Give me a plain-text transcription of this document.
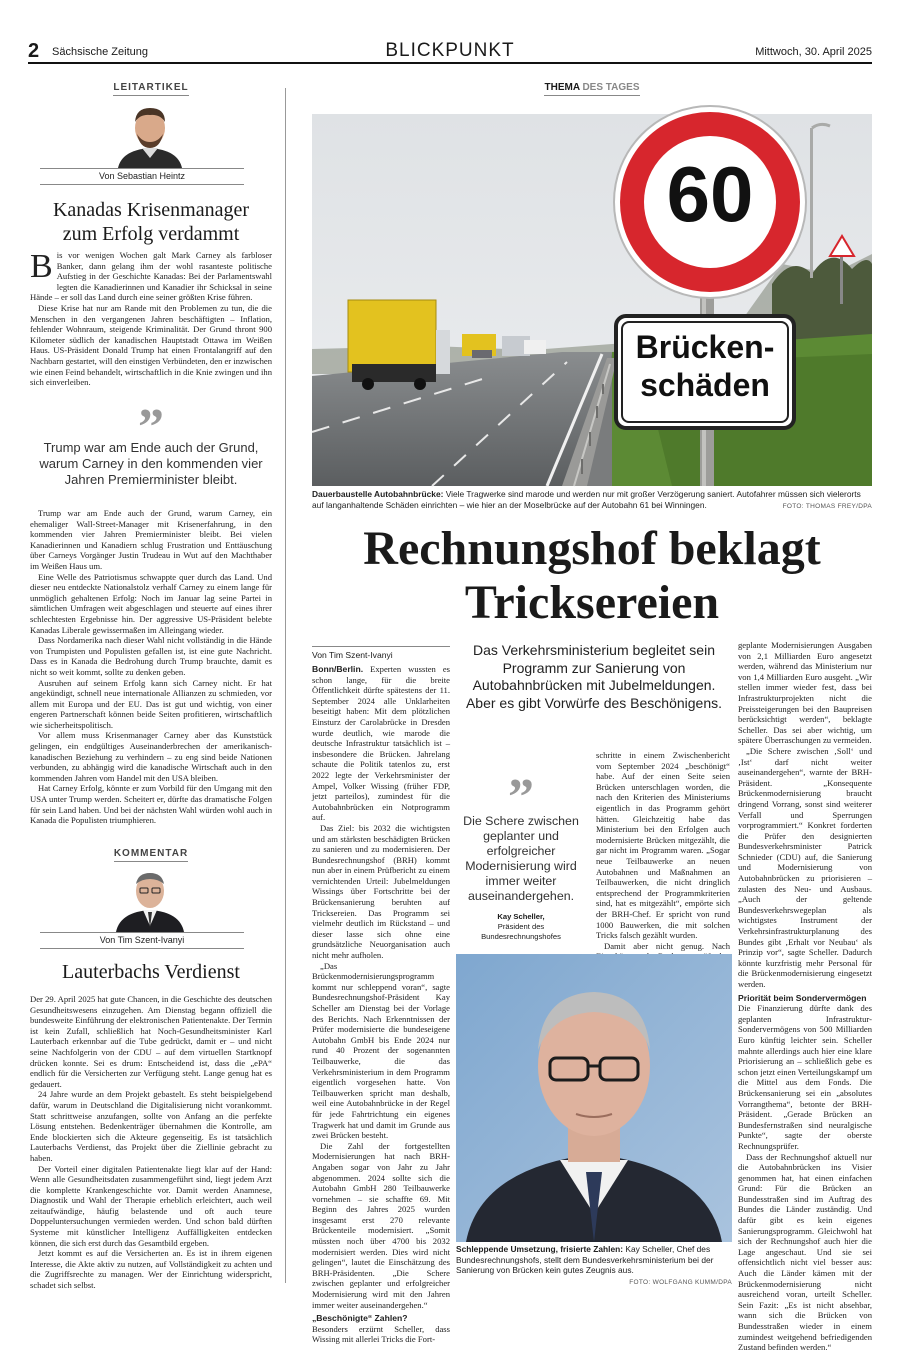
2 Sächsische Zeitung	BLICKPUNKT	Mittwoch, 30. April 2025
LEITARTIKEL
Von Sebastian Heintz
Kanadas Krisenmanager
zum Erfolg verdammt

Bis vor wenigen Wochen galt Mark Carney als farbloser Banker, dann gelang ihm der wohl rasanteste politische Aufstieg in der Geschichte Kanadas: Bei der Parlamentswahl legten die Kanadierinnen und Kanadier ihr Schicksal in seine Hände – er soll das Land durch eine seiner größten Krise führen.

Diese Krise hat nur am Rande mit den Problemen zu tun, die die Menschen in den vergangenen Jahren beschäftigten – Inflation, fehlender Wohnraum, steigende Kriminalität. Der Grund thront 900 Kilometer südlich der kanadischen Hauptstadt Ottawa im Weißen Haus. US-Präsident Donald Trump hat einen Frontalangriff auf den Nachbarn gestartet, will den einstigen Verbündeten, den er inzwischen wie einen Feind behandelt, wirtschaftlich in die Knie zwingen und ihn sich einverleiben.

”
Trump war am Ende auch der Grund, warum Carney in den kommenden vier Jahren Premierminister bleibt.

Trump war am Ende auch der Grund, warum Carney, ein ehemaliger Wall-Street-Manager mit Krisenerfahrung, in den kommenden vier Jahren Premierminister bleibt. Bei vielen Kanadierinnen und Kanadiern schlug Frustration und Enttäuschung über Carneys Vorgänger Justin Trudeau in Wut auf den Machthaber im Weißen Haus um.

Eine Welle des Patriotismus schwappte quer durch das Land. Und dieser neu entdeckte Nationalstolz verhalf Carney zu einem lange für unmöglich gehaltenen Erfolg: Noch im Januar lag seine Partei in sämtlichen Umfragen weit abgeschlagen und steuerte auf eines ihrer schlechtesten Ergebnisse hin. Der aggressive US-Präsident belebte Kanadas Liberale gewissermaßen im Alleingang wieder.

Dass Nordamerika nach dieser Wahl nicht vollständig in die Hände von Trumpisten und Populisten gefallen ist, ist eine gute Nachricht. Dass es in Kanada die Bedrohung durch Trump brauchte, damit es nicht so weit kommt, sollte zu denken geben.

Ausruhen auf seinem Erfolg kann sich Carney nicht. Er hat angekündigt, schnell neue internationale Allianzen zu schmieden, vor allem mit Europa und der EU. Das ist gut und wichtig, von einer engeren Partnerschaft können beide Seiten profitieren, wirtschaftlich wie sicherheitspolitisch.

Vor allem muss Krisenmanager Carney aber das Kunststück gelingen, ein endgültiges Auseinanderbrechen der amerikanisch-kanadischen Beziehung zu verhindern – zu eng sind beide Nationen verbunden, zu abhängig wird die kanadische Wirtschaft auch in den kommenden Jahren vom Handel mit den USA bleiben.

Hat Carney Erfolg, könnte er zum Vorbild für den Umgang mit den USA unter Trump werden. Scheitert er, dürfte das dramatische Folgen für sein Land haben. Und bei der nächsten Wahl würden wohl auch in Kanada die Populisten triumphieren.

KOMMENTAR
Von Tim Szent-Ivanyi
Lauterbachs Verdienst

Der 29. April 2025 hat gute Chancen, in die Geschichte des deutschen Gesundheitswesens einzugehen. Am Dienstag begann offiziell die bundesweite Einführung der elektronischen Patientenakte. Der Termin ist kein Zufall, schließlich hat Noch-Gesundheitsminister Karl Lauterbach erkennbar auf die Tube gedrückt, damit er – und nicht seine Nachfolgerin von der CDU – auf dem virtuellen Startknopf drücken konnte. Sei es drum: Entscheidend ist, dass die „ePA“ endlich für die Versicherten zur Verfügung steht. Lange genug hat es gedauert.

24 Jahre wurde an dem Projekt gebastelt. Es steht beispielgebend dafür, warum in Deutschland die Digitalisierung nicht vorankommt. Statt schrittweise anzufangen, sollte von Anfang an die perfekte Lösung entstehen. Bedenkenträger übernahmen die Kontrolle, am Ende blockierten sich die Akteure gegenseitig. Es ist tatsächlich Lauterbachs Verdienst, das Projekt über die Ziellinie gebracht zu haben.

Der Vorteil einer digitalen Patientenakte liegt klar auf der Hand: Wenn alle Gesundheitsdaten zusammengeführt sind, liegt jedem Arzt die komplette Krankengeschichte vor. Damit werden Anamnese, Diagnostik und Wahl der Therapie erheblich erleichtert, auch weil zeitaufwändige, häufig belastende und oft auch teure Doppeluntersuchungen vermieden werden. Und schon bald dürften Systeme mit künstlicher Intelligenz Auffälligkeiten entdecken können, die sich erst durch das Gesamtbild ergeben.

Jetzt kommt es auf die Versicherten an. Es ist in ihrem eigenen Interesse, die Akte aktiv zu nutzen, auf Vollständigkeit zu achten und die Zugriffsrechte zu managen. Wer der Einrichtung widerspricht, schadet sich selbst.

THEMA DES TAGES
60
Brücken-
schäden
Dauerbaustelle Autobahnbrücke: Viele Tragwerke sind marode und werden nur mit großer Verzögerung saniert. Autofahrer müssen sich vielerorts auf langanhaltende Schäden einrichten – wie hier an der Moselbrücke auf der Autobahn 61 bei Winningen.	FOTO: THOMAS FREY/DPA
Rechnungshof beklagt
Tricksereien
Von Tim Szent-Ivanyi	Das Verkehrsministerium begleitet sein Programm zur Sanierung von Autobahnbrücken mit Jubelmeldungen. Aber es gibt Vorwürfe des Beschönigens.

Bonn/Berlin. Experten wussten es schon lange, für die breite Öffentlichkeit dürfte spätestens der 11. September 2024 alle Unklarheiten beseitigt haben: Mit dem plötzlichen Einsturz der Carolabrücke in Dresden wurde deutlich, wie marode die deutsche Infrastruktur tatsächlich ist – insbesondere die Brücken. Jahrelang schaute die Politik tatenlos zu, erst 2022 legte der Verkehrsminister der Ampel, Volker Wissing (früher FDP, jetzt parteilos), zumindest für die Autobahnbrücken ein Notprogramm auf.

Das Ziel: bis 2032 die wichtigsten und am stärksten beschädigten Brücken zu sanieren und zu modernisieren. Der Bundesrechnungshof (BRH) kommt nun aber in einem Prüfbericht zu einem vernichtenden Urteil: Jubelmeldungen Wissings über Fortschritte bei der Brückensanierung beruhten auf Tricksereien. Das Programm sei vielmehr deutlich im Rückstand – und dieser lasse sich ohne eine grundsätzliche Neuorganisation auch nicht mehr aufholen.

„Das Brückenmodernisierungsprogramm kommt nur schleppend voran“, sagte Bundesrechnungshof-Präsident Kay Scheller am Dienstag bei der Vorlage des Berichts. Nach Erkenntnissen der Prüfer modernisierte die bundeseigene Autobahn GmbH bis Ende 2024 nur rund 40 Prozent der sogenannten Teilbauwerke, die das Verkehrsministerium in dem Programm eigentlich vorgesehen hatte. Von Teilbauwerken spricht man deshalb, weil eine Autobahnbrücke in der Regel für jede Fahrtrichtung ein eigenes Tragwerk hat und damit im Grunde aus zwei Brücken besteht.

Die Zahl der fortgestellten Modernisierungen hat nach BRH-Angaben sogar von Jahr zu Jahr abgenommen. 2024 sollte sich die Autobahn GmbH 280 Teilbauwerke vornehmen – sie schaffte 69. Mit Beginn des Jahres 2025 wurden insgesamt erst 270 relevante Brückenteile modernisiert. „Somit müssten noch über 4700 bis 2032 modernisiert werden. Dies wird nicht gelingen“, lautet die Einschätzung des BRH-Präsidenten. „Die Schere zwischen geplanter und erfolgreicher Modernisierung wird mit den Jahren immer weiter auseinandergehen.“

„Beschönigte“ Zahlen?

Besonders erzürnt Scheller, dass Wissing mit allerlei Tricks die Fort-

”
Die Schere zwischen geplanter und erfolgreicher Modernisierung wird immer weiter auseinandergehen.
Kay Scheller,
Präsident des Bundesrechnungshofes

schritte in einem Zwischenbericht vom September 2024 „beschönigt“ habe. Auf der einen Seite seien Brücken unterschlagen worden, die nach den Kriterien des Ministeriums eigentlich in das Programm gehört hätten. Gleichzeitig habe das Ministerium bei den Erfolgen auch modernisierte Brücken mitgezählt, die gar nicht im Programm waren. „Sogar neue Teilbauwerke an neuen Autobahnen und Maßnahmen an Teilbauwerken, die nicht dringlich entsprechend der Programmkriterien sind, hat es mitgezählt“, empörte sich der BRH-Chef. Er spricht von rund 1000 Bauwerken, die mit solchen Tricks falsch gezählt wurden.

Damit aber nicht genug. Nach

Schleppende Umsetzung, frisierte Zahlen: Kay Scheller, Chef des Bundesrechnungshofs, stellt dem Bundesverkehrsministerium bei der Sanierung von Brücken kein gutes Zeugnis aus.
FOTO: WOLFGANG KUMM/DPA

geplante Modernisierungen Ausgaben von 2,1 Milliarden Euro angesetzt werden, während das Ministerium nur von 1,4 Milliarden Euro ausgeht. „Wir stellen immer wieder fest, dass bei Infrastrukturprojekten nicht die Preissteigerungen bei den Baupreisen berücksichtigt werden“, beklagte Scheller. Das sei aber wichtig, um spätere Überraschungen zu vermeiden.

„Die Schere zwischen ‚Soll‘ und ‚Ist‘ darf nicht weiter auseinandergehen“, warnte der BRH-Präsident. „Konsequente Brückenmodernisierung braucht dringend Vorrang, sonst sind weiterer Verfall und Sperrungen vorprogrammiert.“ Konkret forderten die Prüfer den designierten Bundesverkehrsminister Patrick Schnieder (CDU) auf, die Sanierung und Modernisierung von Autobahnbrücken zu priorisieren – zulasten des Neu- und Ausbaus. „Auch der geltende Bundesverkehrswegeplan als wichtigstes Instrument der Verkehrsinfrastrukturplanung des Bundes gibt ‚Erhalt vor Neubau‘ als Prinzip vor“, sagte Scheller. Dadurch könnte kurzfristig mehr Personal für die Brückenmodernisierung eingesetzt werden.

Priorität beim Sondervermögen

Die Finanzierung dürfte dank des geplanten Infrastruktur-Sondervermögens von 500 Milliarden Euro künftig leichter sein. Scheller mahnte allerdings auch hier eine klare Priorisierung an – schließlich gebe es schon jetzt einen Verteilungskampf um die Mittel aus dem Fonds. Die Brückensanierung sei ein „absolutes Vorrangthema“, betonte der BRH-Präsident. „Gerade Brücken an Bundesfernstraßen sind neuralgische Punkte“, sagte der oberste Rechnungsprüfer.

Dass der Rechnungshof aktuell nur die Autobahnbrücken ins Visier genommen hat, hat einen einfachen Grund: Für die Brücken an Bundesstraßen sind im Auftrag des Bundes die Länder zuständig. Und dafür gibt es kein eigenes Sanierungsprogramm. Gleichwohl hat sich der Rechnungshof auch hier die Lage angeschaut. Und sie sei offensichtlich nicht viel besser aus: Auch die Länder kämen mit der Brückenmodernisierung nicht ausreichend voran, urteilt Scheller. Sein Fazit: „Es ist nicht absehbar, wann sich die Brücken von Bundesstraßen wieder in einem zumindest weitgehend befriedigenden Zustand befinden werden.“
